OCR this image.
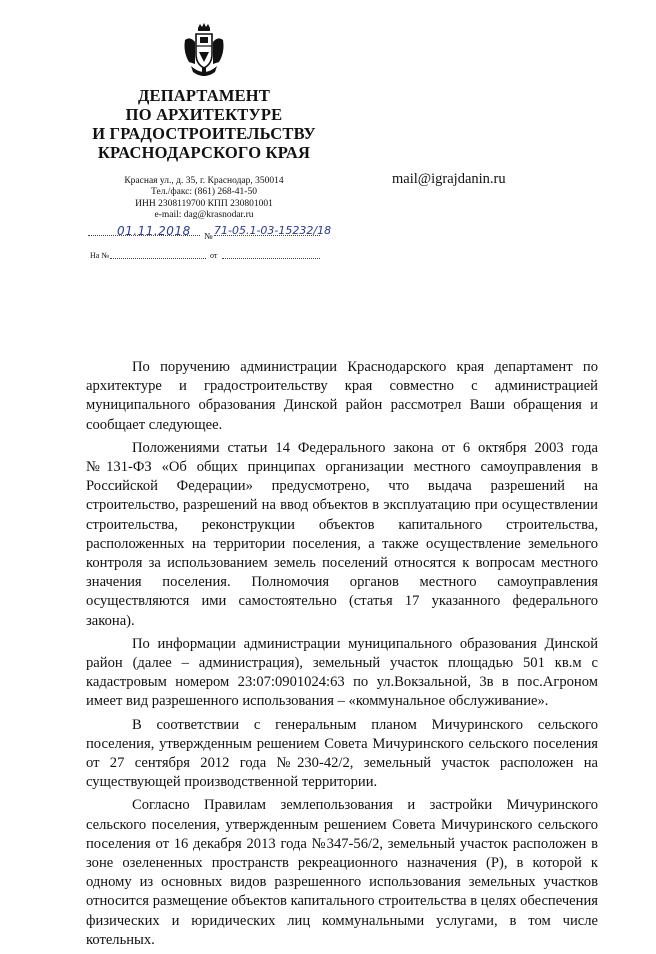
ДЕПАРТАМЕНТ
ПО АРХИТЕКТУРЕ
И ГРАДОСТРОИТЕЛЬСТВУ
КРАСНОДАРСКОГО КРАЯ
Красная ул., д. 35, г. Краснодар, 350014
Тел./факс: (861) 268-41-50
ИНН 2308119700 КПП 230801001
e-mail: dag@krasnodar.ru
mail@igrajdanin.ru
01.11.2018 № 71-05.1-03-15232/18
На №	от

По поручению администрации Краснодарского края департамент по архитектуре и градостроительству края совместно с администрацией муниципального образования Динской район рассмотрел Ваши обращения и сообщает следующее.

Положениями статьи 14 Федерального закона от 6 октября 2003 года №131-ФЗ «Об общих принципах организации местного самоуправления в Российской Федерации» предусмотрено, что выдача разрешений на строительство, разрешений на ввод объектов в эксплуатацию при осуществлении строительства, реконструкции объектов капитального строительства, расположенных на территории поселения, а также осуществление земельного контроля за использованием земель поселений относятся к вопросам местного значения поселения. Полномочия органов местного самоуправления осуществляются ими самостоятельно (статья 17 указанного федерального закона).

По информации администрации муниципального образования Динской район (далее – администрация), земельный участок площадью 501 кв.м с кадастровым номером 23:07:0901024:63 по ул.Вокзальной, 3в в пос.Агроном имеет вид разрешенного использования – «коммунальное обслуживание».

В соответствии с генеральным планом Мичуринского сельского поселения, утвержденным решением Совета Мичуринского сельского поселения от 27 сентября 2012 года №230-42/2, земельный участок расположен на существующей производственной территории.

Согласно Правилам землепользования и застройки Мичуринского сельского поселения, утвержденным решением Совета Мичуринского сельского поселения от 16 декабря 2013 года №347-56/2, земельный участок расположен в зоне озелененных пространств рекреационного назначения (Р), в которой к одному из основных видов разрешенного использования земельных участков относится размещение объектов капитального строительства в целях обеспечения физических и юридических лиц коммунальными услугами, в том числе котельных.
